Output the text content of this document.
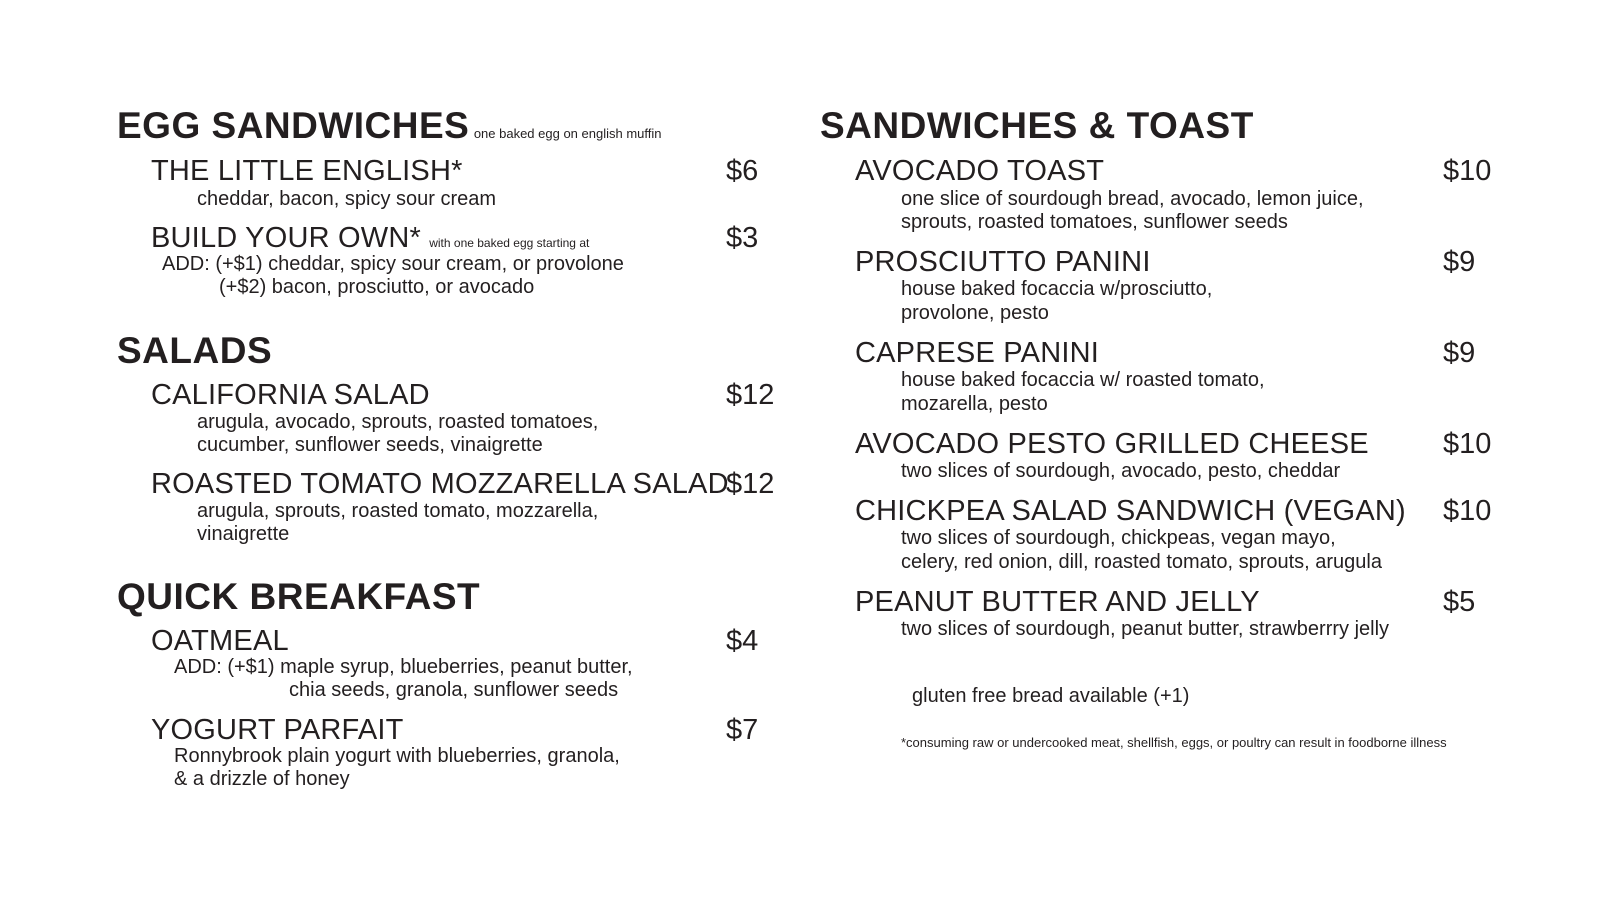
EGG SANDWICHES one baked egg on english muffin
THE LITTLE ENGLISH*	$6
cheddar, bacon, spicy sour cream
BUILD YOUR OWN* with one baked egg starting at	$3
ADD: (+$1) cheddar, spicy sour cream, or provolone
(+$2) bacon, prosciutto, or avocado
SALADS
CALIFORNIA SALAD	$12
arugula, avocado, sprouts, roasted tomatoes,
cucumber, sunflower seeds, vinaigrette
ROASTED TOMATO MOZZARELLA SALAD
$12
arugula, sprouts, roasted tomato, mozzarella,
vinaigrette
QUICK BREAKFAST
OATMEAL	$4
ADD: (+$1) maple syrup, blueberries, peanut butter,
chia seeds, granola, sunflower seeds
YOGURT PARFAIT	$7
Ronnybrook plain yogurt with blueberries, granola,
& a drizzle of honey
SANDWICHES & TOAST
AVOCADO TOAST	$10
one slice of sourdough bread, avocado, lemon juice,
sprouts, roasted tomatoes, sunflower seeds
PROSCIUTTO PANINI	$9
house baked focaccia w/prosciutto,
provolone, pesto
CAPRESE PANINI	$9
house baked focaccia w/ roasted tomato,
mozarella, pesto
AVOCADO PESTO GRILLED CHEESE	$10
two slices of sourdough, avocado, pesto, cheddar
CHICKPEA SALAD SANDWICH (VEGAN) $10
two slices of sourdough, chickpeas, vegan mayo,
celery, red onion, dill, roasted tomato, sprouts, arugula
PEANUT BUTTER AND JELLY	$5
two slices of sourdough, peanut butter, strawberrry jelly
gluten free bread available (+1)
*consuming raw or undercooked meat, shellfish, eggs, or poultry can result in foodborne illness
